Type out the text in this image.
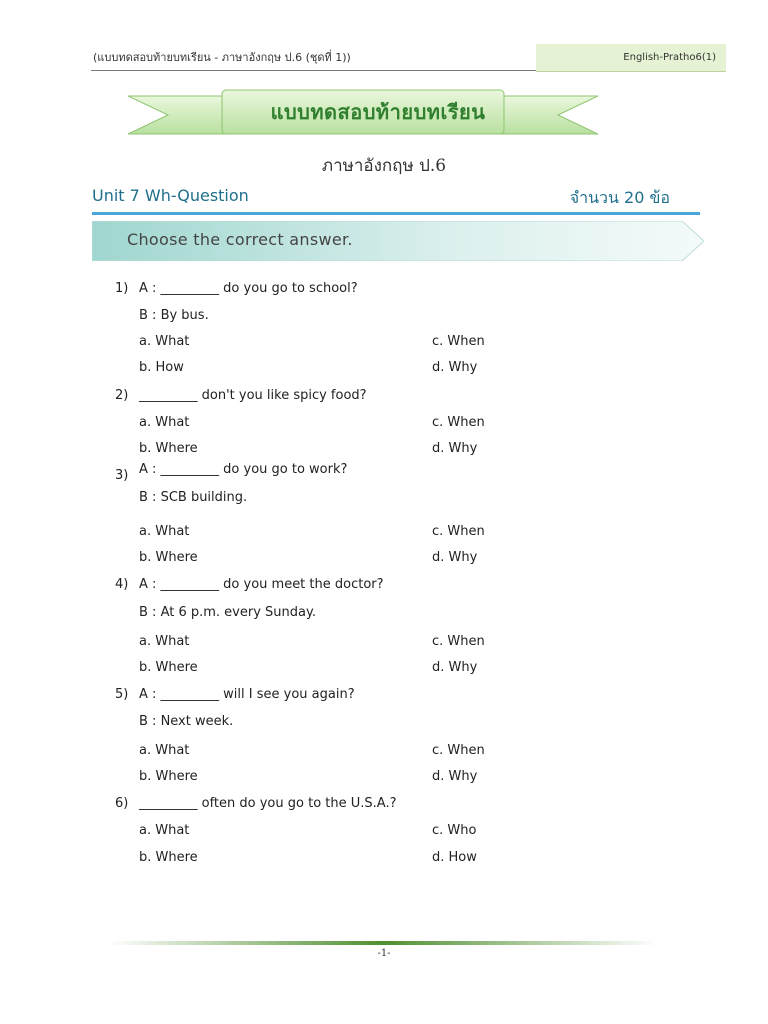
(แบบทดสอบท้ายบทเรียน - ภาษาอังกฤษ ป.6 (ชุดที่ 1))	English-Pratho6(1)
แบบทดสอบท้ายบทเรียน
ภาษาอังกฤษ ป.6
Unit 7 Wh-Question	จำนวน 20 ข้อ
Choose the correct answer.
1) A : _________ do you go to school?
B : By bus.
a. What
b. How
c. When
d. Why
2) _________ don't you like spicy food?
a. What
b. Where
c. When
d. Why
3) A : _________ do you go to work?
B : SCB building.
a. What
b. Where
c. When
d. Why
4) A : _________ do you meet the doctor?
B : At 6 p.m. every Sunday.
a. What
b. Where
c. When
d. Why
5) A : _________ will I see you again?
B : Next week.
a. What
b. Where
c. When
d. Why
6) _________ often do you go to the U.S.A.?
a. What
b. Where
c. Who
d. How
-1-
